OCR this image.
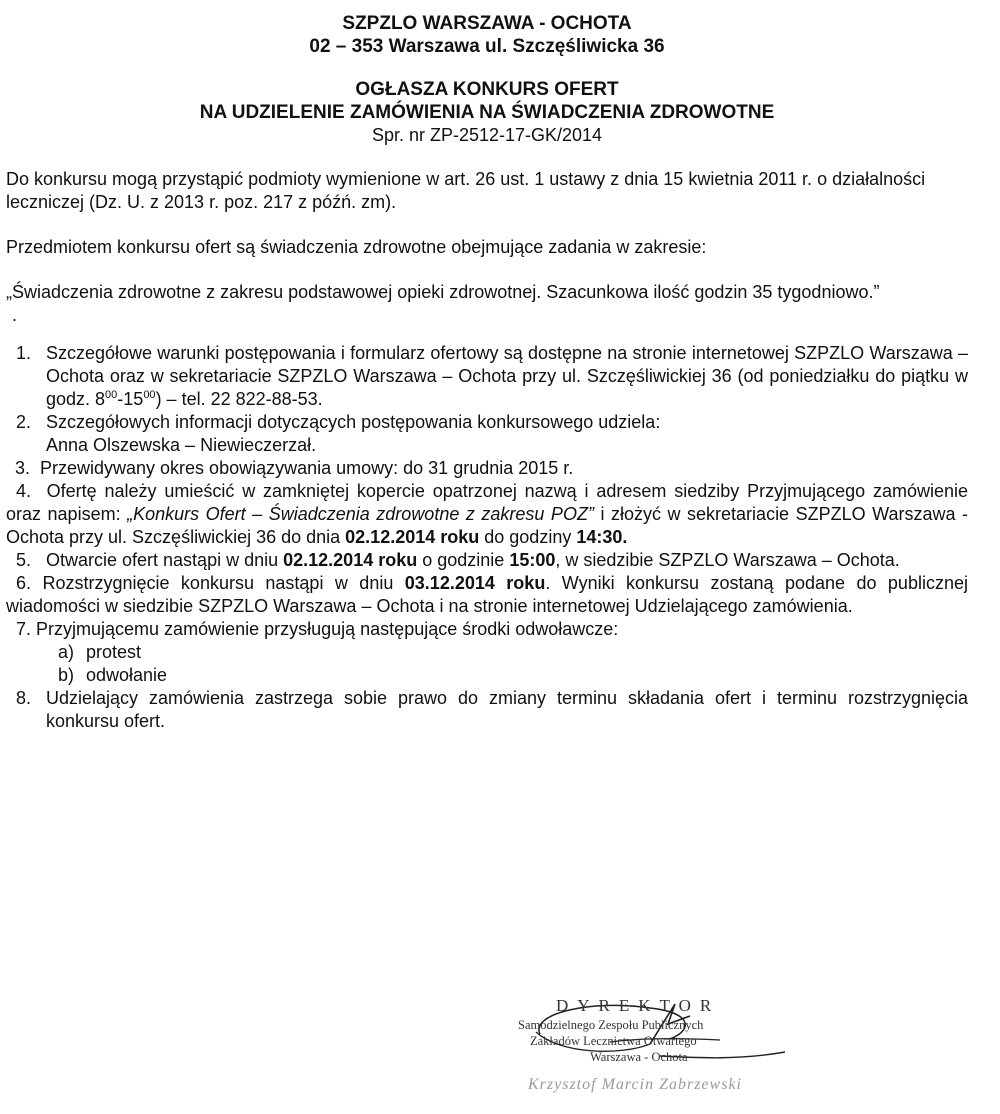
SZPZLO WARSZAWA - OCHOTA
02 – 353 Warszawa ul. Szczęśliwicka 36
OGŁASZA KONKURS OFERT
NA UDZIELENIE ZAMÓWIENIA NA ŚWIADCZENIA ZDROWOTNE
Spr. nr ZP-2512-17-GK/2014

Do konkursu mogą przystąpić podmioty wymienione w art. 26 ust. 1 ustawy z dnia 15 kwietnia 2011 r. o działalności leczniczej (Dz. U. z 2013 r. poz. 217 z późń. zm).

Przedmiotem konkursu ofert są świadczenia zdrowotne obejmujące zadania w zakresie:

„Świadczenia zdrowotne z zakresu podstawowej opieki zdrowotnej. Szacunkowa ilość godzin 35 tygodniowo.”

.
1. Szczegółowe warunki postępowania i formularz ofertowy są dostępne na stronie internetowej SZPZLO Warszawa – Ochota oraz w sekretariacie SZPZLO Warszawa – Ochota przy ul. Szczęśliwickiej 36 (od poniedziałku do piątku w godz. $8^{00}-15^{00}$) – tel. 22 822-88-53.
2. Szczegółowych informacji dotyczących postępowania konkursowego udziela:
Anna Olszewska – Niewieczerzał.
3. Przewidywany okres obowiązywania umowy: do 31 grudnia 2015 r.
4. Ofertę należy umieścić w zamkniętej kopercie opatrzonej nazwą i adresem siedziby Przyjmującego zamówienie oraz napisem: „Konkurs Ofert – Świadczenia zdrowotne z zakresu POZ” i złożyć w sekretariacie SZPZLO Warszawa - Ochota przy ul. Szczęśliwickiej 36 do dnia 02.12.2014 roku do godziny 14:30.
5. Otwarcie ofert nastąpi w dniu 02.12.2014 roku o godzinie 15:00, w siedzibie SZPZLO Warszawa – Ochota.
6. Rozstrzygnięcie konkursu nastąpi w dniu 03.12.2014 roku. Wyniki konkursu zostaną podane do publicznej wiadomości w siedzibie SZPZLO Warszawa – Ochota i na stronie internetowej Udzielającego zamówienia.
7. Przyjmującemu zamówienie przysługują następujące środki odwoławcze:
a) protest
b) odwołanie
8. Udzielający zamówienia zastrzega sobie prawo do zmiany terminu składania ofert i terminu rozstrzygnięcia konkursu ofert.
DYREKTOR
Samodzielnego Zespołu Publicznych
Zakładów Lecznictwa Otwartego
Warszawa - Ochota
Krzysztof Marcin Zabrzewski
